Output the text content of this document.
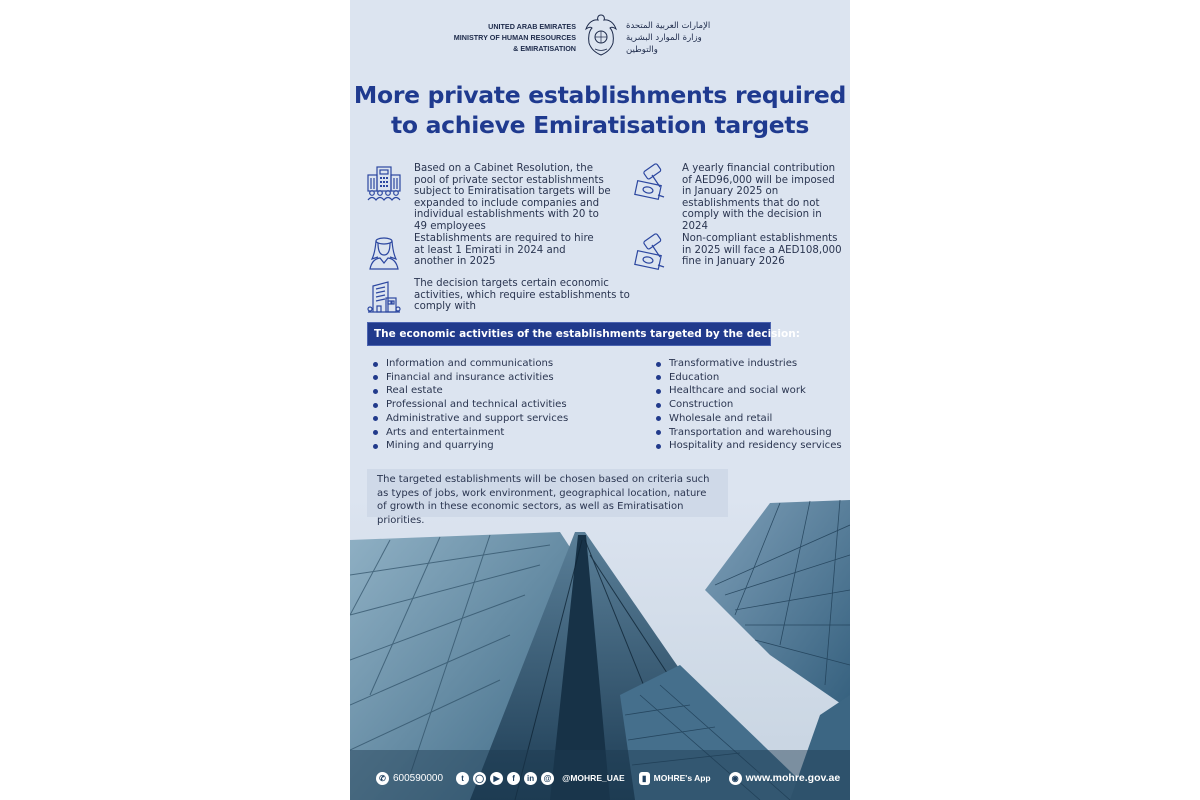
UNITED ARAB EMIRATES
MINISTRY OF HUMAN RESOURCES
& EMIRATISATION
الإمارات العربية المتحدة
وزارة الموارد البشرية
والتوطين
More private establishments required
to achieve Emiratisation targets
Based on a Cabinet Resolution, the pool of private sector establishments subject to Emiratisation targets will be expanded to include companies and individual establishments with 20 to 49 employees
Establishments are required to hire at least 1 Emirati in 2024 and another in 2025
The decision targets certain economic activities, which require establishments to comply with
A yearly financial contribution of AED96,000 will be imposed in January 2025 on establishments that do not comply with the decision in 2024
Non-compliant establishments in 2025 will face a AED108,000 fine in January 2026
The economic activities of the establishments targeted by the decision:
Information and communications
Financial and insurance activities
Real estate
Professional and technical activities
Administrative and support services
Arts and entertainment
Mining and quarrying
Transformative industries
Education
Healthcare and social work
Construction
Wholesale and retail
Transportation and warehousing
Hospitality and residency services
The targeted establishments will be chosen based on criteria such as types of jobs, work environment, geographical location, nature of growth in these economic sectors, as well as Emiratisation priorities.
✆ 600590000	t	◯	▶	f	in	@	@MOHRE_UAE	▮ MOHRE's App	◉ www.mohre.gov.ae
